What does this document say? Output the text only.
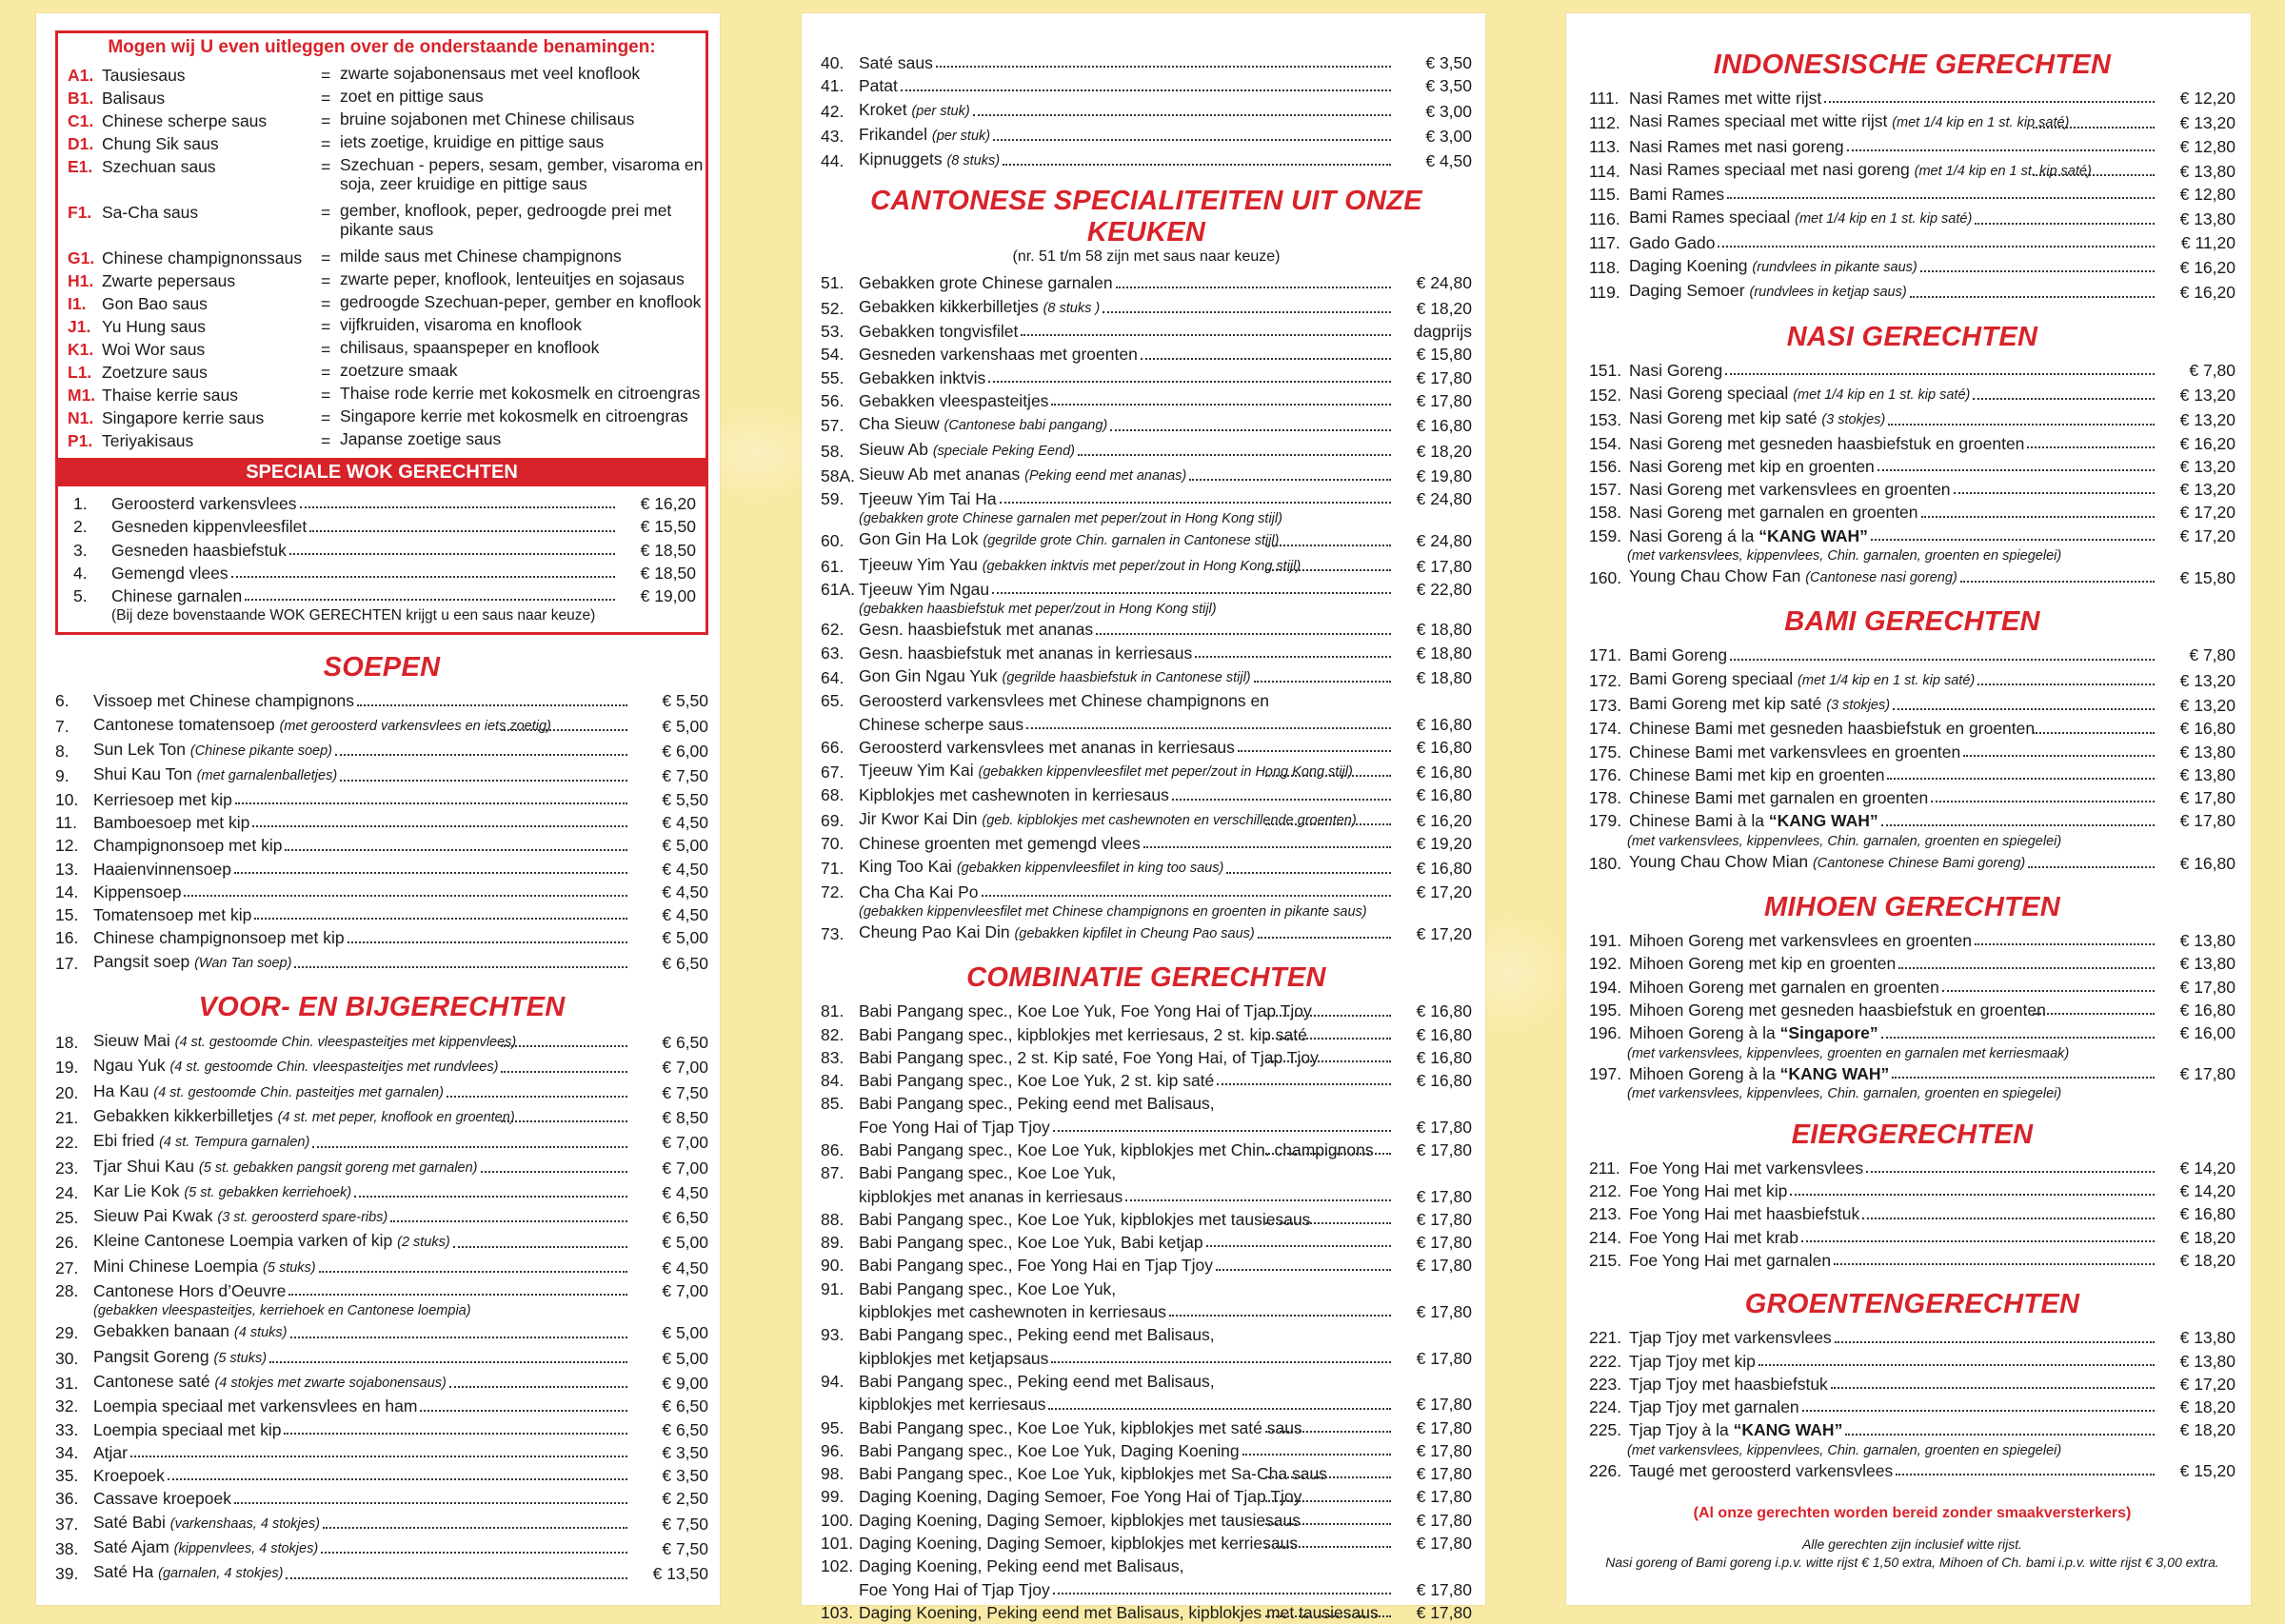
Mogen wij U even uitleggen over de onderstaande benamingen:
A1. Tausiesaus	= zwarte sojabonensaus met veel knoflook
B1. Balisaus	= zoet en pittige saus
C1. Chinese scherpe saus	= bruine sojabonen met Chinese chilisaus
D1. Chung Sik saus	= iets zoetige, kruidige en pittige saus
E1. Szechuan saus	= Szechuan - pepers, sesam, gember, visaroma en soja, zeer kruidige en pittige saus
F1. Sa-Cha saus	= gember, knoflook, peper, gedroogde prei met pikante saus
G1. Chinese champignonssaus	= milde saus met Chinese champignons
H1. Zwarte pepersaus	= zwarte peper, knoflook, lenteuitjes en sojasaus
I1. Gon Bao saus	= gedroogde Szechuan-peper, gember en knoflook
J1. Yu Hung saus	= vijfkruiden, visaroma en knoflook
K1. Woi Wor saus	= chilisaus, spaanspeper en knoflook
L1. Zoetzure saus	= zoetzure smaak
M1. Thaise kerrie saus	= Thaise rode kerrie met kokosmelk en citroengras
N1. Singapore kerrie saus	= Singapore kerrie met kokosmelk en citroengras
P1. Teriyakisaus	= Japanse zoetige saus
SPECIALE WOK GERECHTEN
1.	Geroosterd varkensvlees	€ 16,20
2.	Gesneden kippenvleesfilet	€ 15,50
3.	Gesneden haasbiefstuk	€ 18,50
4.	Gemengd vlees	€ 18,50
5.	Chinese garnalen	€ 19,00
(Bij deze bovenstaande WOK GERECHTEN krijgt u een saus naar keuze)
SOEPEN
6.	Vissoep met Chinese champignons	€ 5,50
7.	Cantonese tomatensoep (met geroosterd varkensvlees en iets zoetig)	€ 5,00
8.	Sun Lek Ton (Chinese pikante soep)	€ 6,00
9.	Shui Kau Ton (met garnalenballetjes)	€ 7,50
10. Kerriesoep met kip	€ 5,50
11. Bamboesoep met kip	€ 4,50
12. Champignonsoep met kip	€ 5,00
13. Haaienvinnensoep	€ 4,50
14. Kippensoep	€ 4,50
15. Tomatensoep met kip	€ 4,50
16. Chinese champignonsoep met kip	€ 5,00
17. Pangsit soep (Wan Tan soep)	€ 6,50
VOOR- EN BIJGERECHTEN
18. Sieuw Mai (4 st. gestoomde Chin. vleespasteitjes met kippenvlees)	€ 6,50
19. Ngau Yuk (4 st. gestoomde Chin. vleespasteitjes met rundvlees)	€ 7,00
20. Ha Kau (4 st. gestoomde Chin. pasteitjes met garnalen)	€ 7,50
21. Gebakken kikkerbilletjes (4 st. met peper, knoflook en groenten)	€ 8,50
22. Ebi fried (4 st. Tempura garnalen)	€ 7,00
23. Tjar Shui Kau (5 st. gebakken pangsit goreng met garnalen)	€ 7,00
24. Kar Lie Kok (5 st. gebakken kerriehoek)	€ 4,50
25. Sieuw Pai Kwak (3 st. geroosterd spare-ribs)	€ 6,50
26. Kleine Cantonese Loempia varken of kip (2 stuks)	€ 5,00
27. Mini Chinese Loempia (5 stuks)	€ 4,50
28. Cantonese Hors d’Oeuvre	€ 7,00
(gebakken vleespasteitjes, kerriehoek en Cantonese loempia)
29. Gebakken banaan (4 stuks)	€ 5,00
30. Pangsit Goreng (5 stuks)	€ 5,00
31. Cantonese saté (4 stokjes met zwarte sojabonensaus)	€ 9,00
32. Loempia speciaal met varkensvlees en ham	€ 6,50
33. Loempia speciaal met kip	€ 6,50
34. Atjar	€ 3,50
35. Kroepoek	€ 3,50
36. Cassave kroepoek	€ 2,50
37. Saté Babi (varkenshaas, 4 stokjes)	€ 7,50
38. Saté Ajam (kippenvlees, 4 stokjes)	€ 7,50
39. Saté Ha (garnalen, 4 stokjes)	€ 13,50
40. Saté saus	€ 3,50
41. Patat	€ 3,50
42. Kroket (per stuk)	€ 3,00
43. Frikandel (per stuk)	€ 3,00
44. Kipnuggets (8 stuks)	€ 4,50
CANTONESE SPECIALITEITEN UIT ONZE KEUKEN
(nr. 51 t/m 58 zijn met saus naar keuze)
51. Gebakken grote Chinese garnalen	€ 24,80
52. Gebakken kikkerbilletjes (8 stuks )	€ 18,20
53. Gebakken tongvisfilet	dagprijs
54. Gesneden varkenshaas met groenten	€ 15,80
55. Gebakken inktvis	€ 17,80
56. Gebakken vleespasteitjes	€ 17,80
57. Cha Sieuw (Cantonese babi pangang)	€ 16,80
58. Sieuw Ab (speciale Peking Eend)	€ 18,20
58A. Sieuw Ab met ananas (Peking eend met ananas)	€ 19,80
59. Tjeeuw Yim Tai Ha	€ 24,80
(gebakken grote Chinese garnalen met peper/zout in Hong Kong stijl)
60. Gon Gin Ha Lok (gegrilde grote Chin. garnalen in Cantonese stijl)	€ 24,80
61. Tjeeuw Yim Yau (gebakken inktvis met peper/zout in Hong Kong stijl)	€ 17,80
61A. Tjeeuw Yim Ngau	€ 22,80
(gebakken haasbiefstuk met peper/zout in Hong Kong stijl)
62. Gesn. haasbiefstuk met ananas	€ 18,80
63. Gesn. haasbiefstuk met ananas in kerriesaus	€ 18,80
64. Gon Gin Ngau Yuk (gegrilde haasbiefstuk in Cantonese stijl)	€ 18,80
65. Geroosterd varkensvlees met Chinese champignons en
Chinese scherpe saus	€ 16,80
66. Geroosterd varkensvlees met ananas in kerriesaus	€ 16,80
67. Tjeeuw Yim Kai (gebakken kippenvleesfilet met peper/zout in Hong Kong stijl)	€ 16,80
68. Kipblokjes met cashewnoten in kerriesaus	€ 16,80
69. Jir Kwor Kai Din (geb. kipblokjes met cashewnoten en verschillende groenten)	€ 16,20
70. Chinese groenten met gemengd vlees	€ 19,20
71. King Too Kai (gebakken kippenvleesfilet in king too saus)	€ 16,80
72. Cha Cha Kai Po	€ 17,20
(gebakken kippenvleesfilet met Chinese champignons en groenten in pikante saus)
73. Cheung Pao Kai Din (gebakken kipfilet in Cheung Pao saus)	€ 17,20
COMBINATIE GERECHTEN
81. Babi Pangang spec., Koe Loe Yuk, Foe Yong Hai of Tjap Tjoy	€ 16,80
82. Babi Pangang spec., kipblokjes met kerriesaus, 2 st. kip saté	€ 16,80
83. Babi Pangang spec., 2 st. Kip saté, Foe Yong Hai, of Tjap Tjoy	€ 16,80
84. Babi Pangang spec., Koe Loe Yuk, 2 st. kip saté	€ 16,80
85. Babi Pangang spec., Peking eend met Balisaus,
Foe Yong Hai of Tjap Tjoy	€ 17,80
86. Babi Pangang spec., Koe Loe Yuk, kipblokjes met Chin. champignons	€ 17,80
87. Babi Pangang spec., Koe Loe Yuk,
kipblokjes met ananas in kerriesaus	€ 17,80
88. Babi Pangang spec., Koe Loe Yuk, kipblokjes met tausiesaus	€ 17,80
89. Babi Pangang spec., Koe Loe Yuk, Babi ketjap	€ 17,80
90. Babi Pangang spec., Foe Yong Hai en Tjap Tjoy	€ 17,80
91. Babi Pangang spec., Koe Loe Yuk,
kipblokjes met cashewnoten in kerriesaus	€ 17,80
93. Babi Pangang spec., Peking eend met Balisaus,
kipblokjes met ketjapsaus	€ 17,80
94. Babi Pangang spec., Peking eend met Balisaus,
kipblokjes met kerriesaus	€ 17,80
95. Babi Pangang spec., Koe Loe Yuk, kipblokjes met saté saus	€ 17,80
96. Babi Pangang spec., Koe Loe Yuk, Daging Koening	€ 17,80
98. Babi Pangang spec., Koe Loe Yuk, kipblokjes met Sa-Cha saus	€ 17,80
99. Daging Koening, Daging Semoer, Foe Yong Hai of Tjap Tjoy	€ 17,80
100. Daging Koening, Daging Semoer, kipblokjes met tausiesaus	€ 17,80
101. Daging Koening, Daging Semoer, kipblokjes met kerriesaus	€ 17,80
102. Daging Koening, Peking eend met Balisaus,
Foe Yong Hai of Tjap Tjoy	€ 17,80
103. Daging Koening, Peking eend met Balisaus, kipblokjes met tausiesaus	€ 17,80
INDONESISCHE GERECHTEN
111. Nasi Rames met witte rijst	€ 12,20
112. Nasi Rames speciaal met witte rijst (met 1/4 kip en 1 st. kip saté)	€ 13,20
113. Nasi Rames met nasi goreng	€ 12,80
114. Nasi Rames speciaal met nasi goreng (met 1/4 kip en 1 st. kip saté)	€ 13,80
115. Bami Rames	€ 12,80
116. Bami Rames speciaal (met 1/4 kip en 1 st. kip saté)	€ 13,80
117. Gado Gado	€ 11,20
118. Daging Koening (rundvlees in pikante saus)	€ 16,20
119. Daging Semoer (rundvlees in ketjap saus)	€ 16,20
NASI GERECHTEN
151. Nasi Goreng	€ 7,80
152. Nasi Goreng speciaal (met 1/4 kip en 1 st. kip saté)	€ 13,20
153. Nasi Goreng met kip saté (3 stokjes)	€ 13,20
154. Nasi Goreng met gesneden haasbiefstuk en groenten	€ 16,20
156. Nasi Goreng met kip en groenten	€ 13,20
157. Nasi Goreng met varkensvlees en groenten	€ 13,20
158. Nasi Goreng met garnalen en groenten	€ 17,20
159. Nasi Goreng á la “KANG WAH”	€ 17,20
(met varkensvlees, kippenvlees, Chin. garnalen, groenten en spiegelei)
160. Young Chau Chow Fan (Cantonese nasi goreng)	€ 15,80
BAMI GERECHTEN
171. Bami Goreng	€ 7,80
172. Bami Goreng speciaal (met 1/4 kip en 1 st. kip saté)	€ 13,20
173. Bami Goreng met kip saté (3 stokjes)	€ 13,20
174. Chinese Bami met gesneden haasbiefstuk en groenten	€ 16,80
175. Chinese Bami met varkensvlees en groenten	€ 13,80
176. Chinese Bami met kip en groenten	€ 13,80
178. Chinese Bami met garnalen en groenten	€ 17,80
179. Chinese Bami à la “KANG WAH”	€ 17,80
(met varkensvlees, kippenvlees, Chin. garnalen, groenten en spiegelei)
180. Young Chau Chow Mian (Cantonese Chinese Bami goreng)	€ 16,80
MIHOEN GERECHTEN
191. Mihoen Goreng met varkensvlees en groenten	€ 13,80
192. Mihoen Goreng met kip en groenten	€ 13,80
194. Mihoen Goreng met garnalen en groenten	€ 17,80
195. Mihoen Goreng met gesneden haasbiefstuk en groenten	€ 16,80
196. Mihoen Goreng à la “Singapore”	€ 16,00
(met varkensvlees, kippenvlees, groenten en garnalen met kerriesmaak)
197. Mihoen Goreng à la “KANG WAH”	€ 17,80
(met varkensvlees, kippenvlees, Chin. garnalen, groenten en spiegelei)
EIERGERECHTEN
211. Foe Yong Hai met varkensvlees	€ 14,20
212. Foe Yong Hai met kip	€ 14,20
213. Foe Yong Hai met haasbiefstuk	€ 16,80
214. Foe Yong Hai met krab	€ 18,20
215. Foe Yong Hai met garnalen	€ 18,20
GROENTENGERECHTEN
221. Tjap Tjoy met varkensvlees	€ 13,80
222. Tjap Tjoy met kip	€ 13,80
223. Tjap Tjoy met haasbiefstuk	€ 17,20
224. Tjap Tjoy met garnalen	€ 18,20
225. Tjap Tjoy à la “KANG WAH”	€ 18,20
(met varkensvlees, kippenvlees, Chin. garnalen, groenten en spiegelei)
226. Taugé met geroosterd varkensvlees	€ 15,20
(Al onze gerechten worden bereid zonder smaakversterkers)
Alle gerechten zijn inclusief witte rijst.
Nasi goreng of Bami goreng i.p.v. witte rijst € 1,50 extra, Mihoen of Ch. bami i.p.v. witte rijst € 3,00 extra.
